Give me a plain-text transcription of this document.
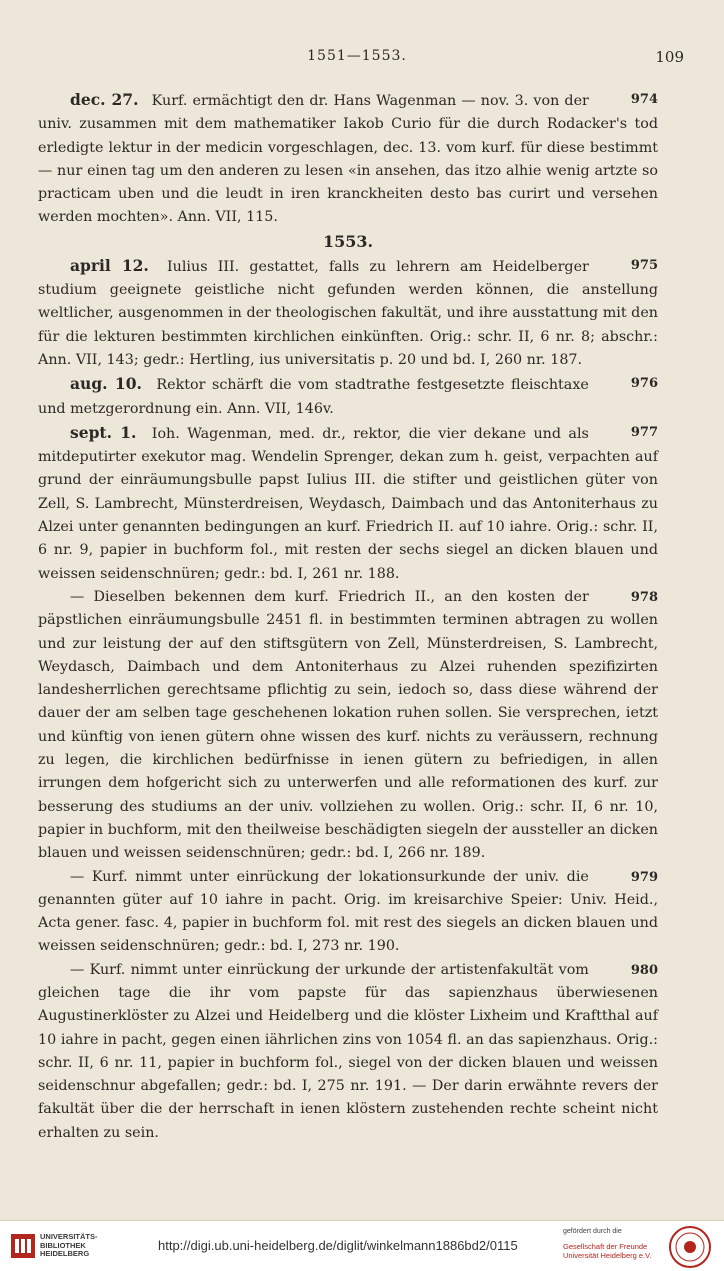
1551—1553.	109

974
dec. 27. Kurf. ermächtigt den dr. Hans Wagenman — nov. 3. von der univ. zusammen mit dem mathematiker Iakob Curio für die durch Rodacker's tod erledigte lektur in der medicin vorgeschlagen, dec. 13. vom kurf. für diese bestimmt — nur einen tag um den anderen zu lesen «in ansehen, das itzo alhie wenig artzte so practicam uben und die leudt in iren kranckheiten desto bas curirt und versehen werden mochten». Ann. VII, 115.

1553.

975
april 12. Iulius III. gestattet, falls zu lehrern am Heidelberger studium geeignete geistliche nicht gefunden werden können, die anstellung weltlicher, ausgenommen in der theologischen fakultät, und ihre ausstattung mit den für die lekturen bestimmten kirchlichen einkünften. Orig.: schr. II, 6 nr. 8; abschr.: Ann. VII, 143; gedr.: Hertling, ius universitatis p. 20 und bd. I, 260 nr. 187.

976
aug. 10. Rektor schärft die vom stadtrathe festgesetzte fleischtaxe und metzgerordnung ein. Ann. VII, 146v.

977
sept. 1. Ioh. Wagenman, med. dr., rektor, die vier dekane und als mitdeputirter exekutor mag. Wendelin Sprenger, dekan zum h. geist, verpachten auf grund der einräumungsbulle papst Iulius III. die stifter und geistlichen güter von Zell, S. Lambrecht, Münsterdreisen, Weydasch, Daimbach und das Antoniterhaus zu Alzei unter genannten bedingungen an kurf. Friedrich II. auf 10 iahre. Orig.: schr. II, 6 nr. 9, papier in buchform fol., mit resten der sechs siegel an dicken blauen und weissen seidenschnüren; gedr.: bd. I, 261 nr. 188.

978
— Dieselben bekennen dem kurf. Friedrich II., an den kosten der päpstlichen einräumungsbulle 2451 fl. in bestimmten terminen abtragen zu wollen und zur leistung der auf den stiftsgütern von Zell, Münsterdreisen, S. Lambrecht, Weydasch, Daimbach und dem Antoniterhaus zu Alzei ruhenden spezifizirten landesherrlichen gerechtsame pflichtig zu sein, iedoch so, dass diese während der dauer der am selben tage geschehenen lokation ruhen sollen. Sie versprechen, ietzt und künftig von ienen gütern ohne wissen des kurf. nichts zu veräussern, rechnung zu legen, die kirchlichen bedürfnisse in ienen gütern zu befriedigen, in allen irrungen dem hofgericht sich zu unterwerfen und alle reformationen des kurf. zur besserung des studiums an der univ. vollziehen zu wollen. Orig.: schr. II, 6 nr. 10, papier in buchform, mit den theilweise beschädigten siegeln der aussteller an dicken blauen und weissen seidenschnüren; gedr.: bd. I, 266 nr. 189.

979
— Kurf. nimmt unter einrückung der lokationsurkunde der univ. die genannten güter auf 10 iahre in pacht. Orig. im kreisarchive Speier: Univ. Heid., Acta gener. fasc. 4, papier in buchform fol. mit rest des siegels an dicken blauen und weissen seidenschnüren; gedr.: bd. I, 273 nr. 190.

980
— Kurf. nimmt unter einrückung der urkunde der artistenfakultät vom gleichen tage die ihr vom papste für das sapienzhaus überwiesenen Augustinerklöster zu Alzei und Heidelberg und die klöster Lixheim und Kraftthal auf 10 iahre in pacht, gegen einen iährlichen zins von 1054 fl. an das sapienzhaus. Orig.: schr. II, 6 nr. 11, papier in buchform fol., siegel von der dicken blauen und weissen seidenschnur abgefallen; gedr.: bd. I, 275 nr. 191. — Der darin erwähnte revers der fakultät über die der herrschaft in ienen klöstern zustehenden rechte scheint nicht erhalten zu sein.

UNIVERSITÄTS-
BIBLIOTHEK
HEIDELBERG
http://digi.ub.uni-heidelberg.de/diglit/winkelmann1886bd2/0115
gefördert durch die
Gesellschaft der Freunde
Universität Heidelberg e.V.
